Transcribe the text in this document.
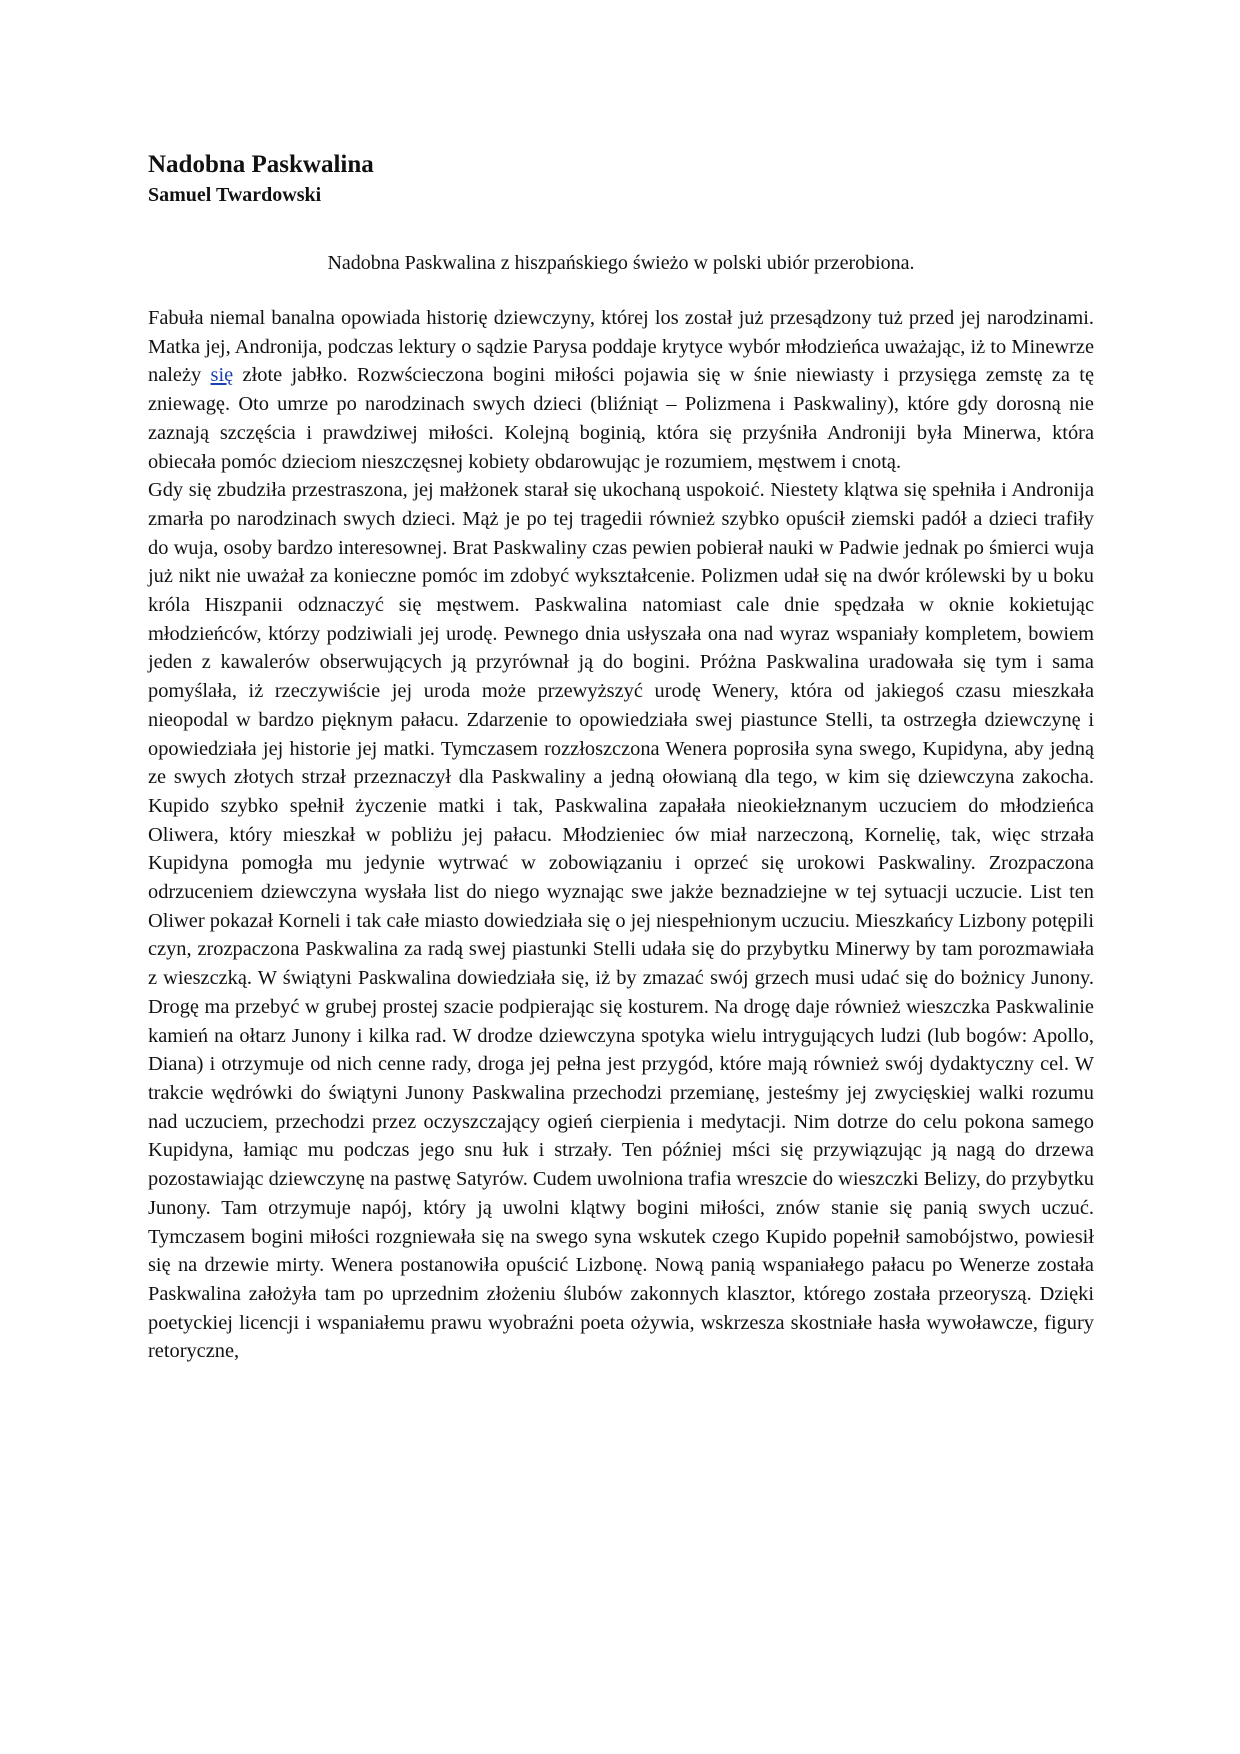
Nadobna Paskwalina
Samuel Twardowski
Nadobna Paskwalina z hiszpańskiego świeżo w polski ubiór przerobiona.

Fabuła niemal banalna opowiada historię dziewczyny, której los został już przesądzony tuż przed jej narodzinami. Matka jej, Andronija, podczas lektury o sądzie Parysa poddaje krytyce wybór młodzieńca uważając, iż to Minewrze należy się złote jabłko. Rozwścieczona bogini miłości pojawia się w śnie niewiasty i przysięga zemstę za tę zniewagę. Oto umrze po narodzinach swych dzieci (bliźniąt – Polizmena i Paskwaliny), które gdy dorosną nie zaznają szczęścia i prawdziwej miłości. Kolejną boginią, która się przyśniła Androniji była Minerwa, która obiecała pomóc dzieciom nieszczęsnej kobiety obdarowując je rozumiem, męstwem i cnotą.

Gdy się zbudziła przestraszona, jej małżonek starał się ukochaną uspokoić. Niestety klątwa się spełniła i Andronija zmarła po narodzinach swych dzieci. Mąż je po tej tragedii również szybko opuścił ziemski padół a dzieci trafiły do wuja, osoby bardzo interesownej. Brat Paskwaliny czas pewien pobierał nauki w Padwie jednak po śmierci wuja już nikt nie uważał za konieczne pomóc im zdobyć wykształcenie. Polizmen udał się na dwór królewski by u boku króla Hiszpanii odznaczyć się męstwem. Paskwalina natomiast cale dnie spędzała w oknie kokietując młodzieńców, którzy podziwiali jej urodę. Pewnego dnia usłyszała ona nad wyraz wspaniały kompletem, bowiem jeden z kawalerów obserwujących ją przyrównał ją do bogini. Próżna Paskwalina uradowała się tym i sama pomyślała, iż rzeczywiście jej uroda może przewyższyć urodę Wenery, która od jakiegoś czasu mieszkała nieopodal w bardzo pięknym pałacu. Zdarzenie to opowiedziała swej piastunce Stelli, ta ostrzegła dziewczynę i opowiedziała jej historie jej matki. Tymczasem rozzłoszczona Wenera poprosiła syna swego, Kupidyna, aby jedną ze swych złotych strzał przeznaczył dla Paskwaliny a jedną ołowianą dla tego, w kim się dziewczyna zakocha. Kupido szybko spełnił życzenie matki i tak, Paskwalina zapałała nieokiełznanym uczuciem do młodzieńca Oliwera, który mieszkał w pobliżu jej pałacu. Młodzieniec ów miał narzeczoną, Kornelię, tak, więc strzała Kupidyna pomogła mu jedynie wytrwać w zobowiązaniu i oprzeć się urokowi Paskwaliny. Zrozpaczona odrzuceniem dziewczyna wysłała list do niego wyznając swe jakże beznadziejne w tej sytuacji uczucie. List ten Oliwer pokazał Korneli i tak całe miasto dowiedziała się o jej niespełnionym uczuciu. Mieszkańcy Lizbony potępili czyn, zrozpaczona Paskwalina za radą swej piastunki Stelli udała się do przybytku Minerwy by tam porozmawiała z wieszczką. W świątyni Paskwalina dowiedziała się, iż by zmazać swój grzech musi udać się do bożnicy Junony. Drogę ma przebyć w grubej prostej szacie podpierając się kosturem. Na drogę daje również wieszczka Paskwalinie kamień na ołtarz Junony i kilka rad. W drodze dziewczyna spotyka wielu intrygujących ludzi (lub bogów: Apollo, Diana) i otrzymuje od nich cenne rady, droga jej pełna jest przygód, które mają również swój dydaktyczny cel. W trakcie wędrówki do świątyni Junony Paskwalina przechodzi przemianę, jesteśmy jej zwycięskiej walki rozumu nad uczuciem, przechodzi przez oczyszczający ogień cierpienia i medytacji. Nim dotrze do celu pokona samego Kupidyna, łamiąc mu podczas jego snu łuk i strzały. Ten później mści się przywiązując ją nagą do drzewa pozostawiając dziewczynę na pastwę Satyrów. Cudem uwolniona trafia wreszcie do wieszczki Belizy, do przybytku Junony. Tam otrzymuje napój, który ją uwolni klątwy bogini miłości, znów stanie się panią swych uczuć. Tymczasem bogini miłości rozgniewała się na swego syna wskutek czego Kupido popełnił samobójstwo, powiesił się na drzewie mirty. Wenera postanowiła opuścić Lizbonę. Nową panią wspaniałego pałacu po Wenerze została Paskwalina założyła tam po uprzednim złożeniu ślubów zakonnych klasztor, którego została przeoryszą. Dzięki poetyckiej licencji i wspaniałemu prawu wyobraźni poeta ożywia, wskrzesza skostniałe hasła wywoławcze, figury retoryczne,
